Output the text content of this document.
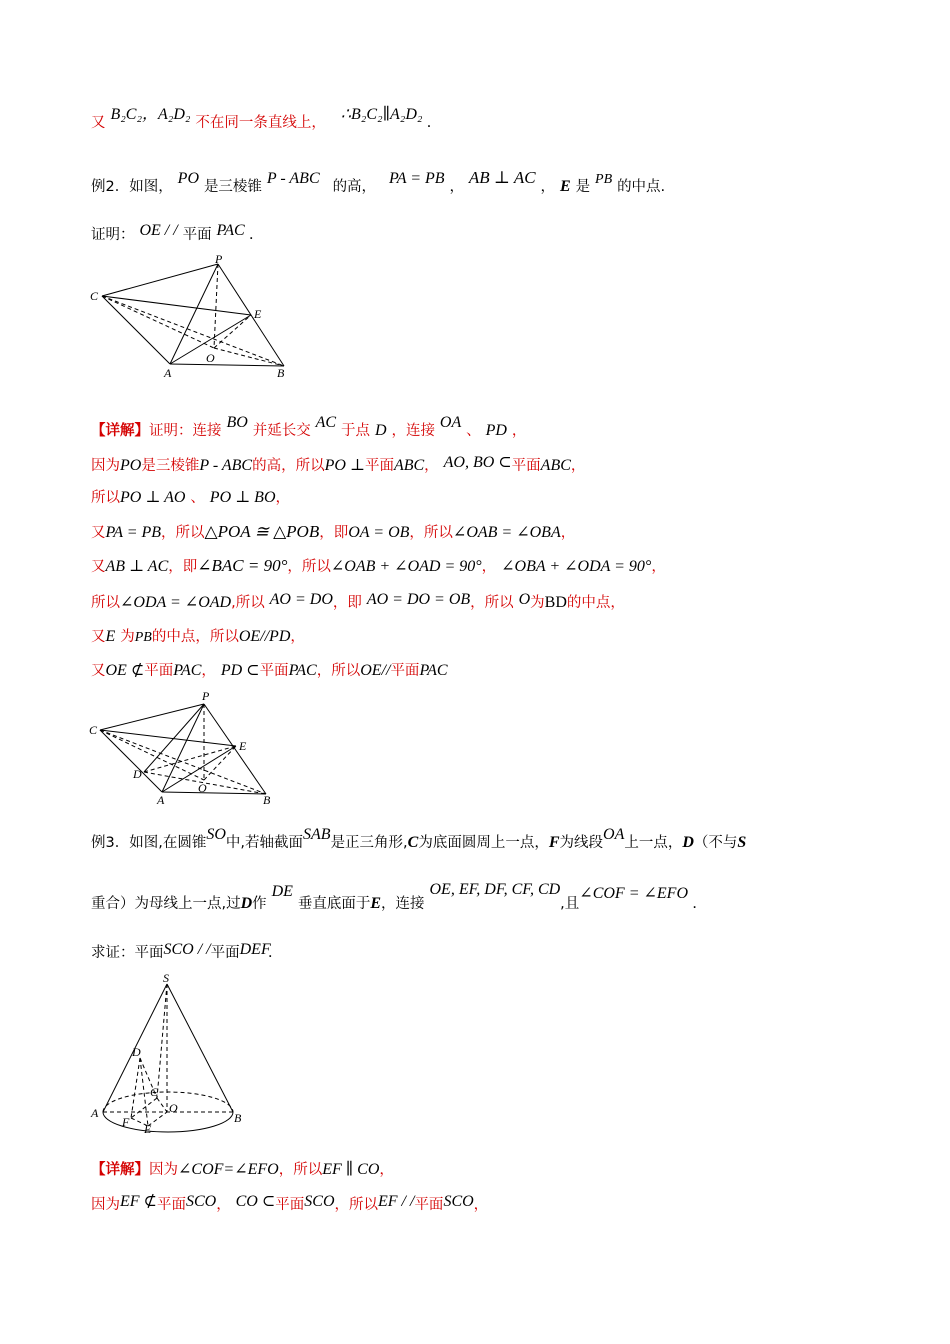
又 B₂C₂，A₂D₂ 不在同一条直线上， ∴B₂C₂∥A₂D₂ .
例2．如图， PO 是三棱锥 P - ABC 的高， PA = PB ， AB ⊥ AC ， E 是 PB 的中点.
证明： OE / / 平面 PAC .
P
C
E
O
A	B
【详解】证明：连接 BO 并延长交 AC 于点 D ，连接 OA 、 PD ，
因为PO是三棱锥P - ABC的高，所以PO ⊥平面ABC， AO, BO ⊂平面ABC，
所以PO ⊥ AO 、 PO ⊥ BO，
又PA = PB，所以△POA ≅ △POB，即OA = OB，所以∠OAB = ∠OBA，
又AB ⊥ AC，即∠BAC = 90°，所以∠OAB + ∠OAD = 90°， ∠OBA + ∠ODA = 90°，
所以∠ODA = ∠OAD,所以 AO = DO，即 AO = DO = OB，所以 O为BD的中点，
又E 为PB的中点，所以OE//PD，
又OE ⊄平面PAC， PD ⊂平面PAC，所以OE//平面PAC
P
C
E
D
O
A	B
例3．如图,在圆锥SO中,若轴截面SAB是正三角形,C为底面圆周上一点，F为线段OA上一点，D（不与S
重合）为母线上一点,过D作 DE 垂直底面于E，连接 OE, EF, DF, CF, CD,且∠COF = ∠EFO .
求证：平面SCO / /平面DEF.
S
D
C
A	O
B
F E
【详解】因为∠COF=∠EFO，所以EF ∥ CO，
因为EF ⊄平面SCO， CO ⊂平面SCO，所以EF / /平面SCO，
